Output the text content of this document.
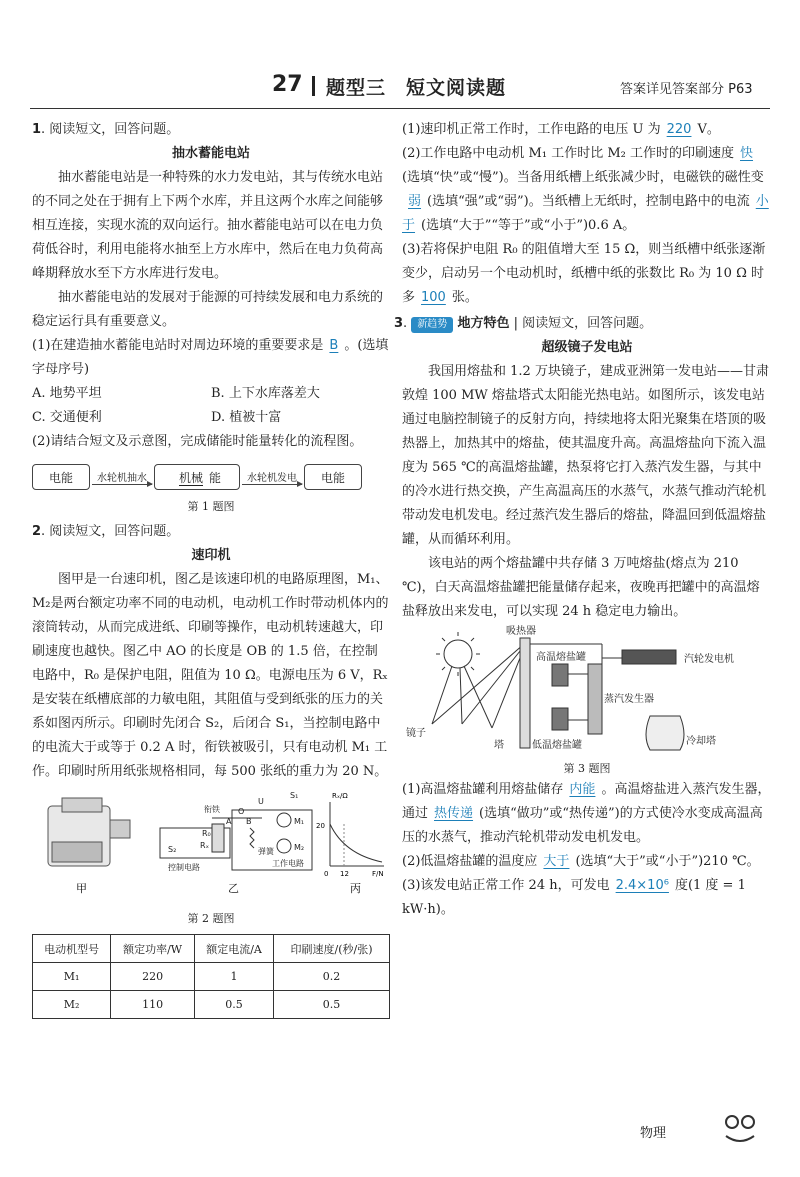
27 题型三　短文阅读题	答案详见答案部分 P63
1. 阅读短文，回答问题。
抽水蓄能电站

抽水蓄能电站是一种特殊的水力发电站，其与传统水电站的不同之处在于拥有上下两个水库，并且这两个水库之间能够相互连接，实现水流的双向运行。抽水蓄能电站可以在电力负荷低谷时，利用电能将水抽至上方水库中，然后在电力负荷高峰期释放水至下方水库进行发电。

抽水蓄能电站的发展对于能源的可持续发展和电力系统的稳定运行具有重要意义。

(1)在建造抽水蓄能电站时对周边环境的重要要求是 B 。(选填字母序号)

A. 地势平坦	B. 上下水库落差大
C. 交通便利	D. 植被十富

(2)请结合短文及示意图，完成储能时能量转化的流程图。

电能	水轮机抽水	机械 能	水轮机发电	电能
第 1 题图
2. 阅读短文，回答问题。
速印机

图甲是一台速印机，图乙是该速印机的电路原理图，M₁、M₂是两台额定功率不同的电动机，电动机工作时带动机体内的滚筒转动，从而完成进纸、印刷等操作，电动机转速越大，印刷速度也越快。图乙中 AO 的长度是 OB 的 1.5 倍，在控制电路中，R₀ 是保护电阻，阻值为 10 Ω。电源电压为 6 V，Rₓ 是安装在纸槽底部的力敏电阻，其阻值与受到纸张的压力的关系如图丙所示。印刷时先闭合 S₂，后闭合 S₁，当控制电路中的电流大于或等于 0.2 A 时，衔铁被吸引，只有电动机 M₁ 工作。印刷时所用纸张规格相同，每 500 张纸的重力为 20 N。

甲
S₁
S₂
U
衔铁 O
A B
R₀
Rₓ
M₁
M₂
弹簧
控制电路	工作电路
乙
Rₓ/Ω
20
12
0	F/N
丙
第 2 题图
电动机型号	额定功率/W	额定电流/A	印刷速度/(秒/张)
M₁	220	1	0.2
M₂	110	0.5	0.5

(1)速印机正常工作时，工作电路的电压 U 为 220 V。

(2)工作电路中电动机 M₁ 工作时比 M₂ 工作时的印刷速度 快(选填“快”或“慢”)。当备用纸槽上纸张减少时，电磁铁的磁性变弱 (选填“强”或“弱”)。当纸槽上无纸时，控制电路中的电流 小于 (选填“大于”“等于”或“小于”)0.6 A。

(3)若将保护电阻 R₀ 的阻值增大至 15 Ω，则当纸槽中纸张逐渐变少，启动另一个电动机时，纸槽中纸的张数比 R₀ 为 10 Ω 时多 100 张。

3. 新趋势 地方特色 | 阅读短文，回答问题。
超级镜子发电站

我国用熔盐和 1.2 万块镜子，建成亚洲第一发电站——甘肃敦煌 100 MW 熔盐塔式太阳能光热电站。如图所示，该发电站通过电脑控制镜子的反射方向，持续地将太阳光聚集在塔顶的吸热器上，加热其中的熔盐，使其温度升高。高温熔盐向下流入温度为 565 ℃的高温熔盐罐，热泵将它打入蒸汽发生器，与其中的冷水进行热交换，产生高温高压的水蒸气，水蒸气推动汽轮机带动发电机发电。经过蒸汽发生器后的熔盐，降温回到低温熔盐罐，从而循环利用。

该电站的两个熔盐罐中共存储 3 万吨熔盐(熔点为 210 ℃)，白天高温熔盐罐把能量储存起来，夜晚再把罐中的高温熔盐释放出来发电，可以实现 24 h 稳定电力输出。

吸热器
高温熔盐罐	汽轮发电机
蒸汽发生器
镜子
塔	低温熔盐罐	冷却塔
第 3 题图

(1)高温熔盐罐利用熔盐储存 内能 。高温熔盐进入蒸汽发生器，通过 热传递 (选填“做功”或“热传递”)的方式使冷水变成高温高压的水蒸气，推动汽轮机带动发电机发电。

(2)低温熔盐罐的温度应 大于 (选填“大于”或“小于”)210 ℃。

(3)该发电站正常工作 24 h，可发电 2.4×10⁶ 度(1 度 = 1 kW·h)。

物理
